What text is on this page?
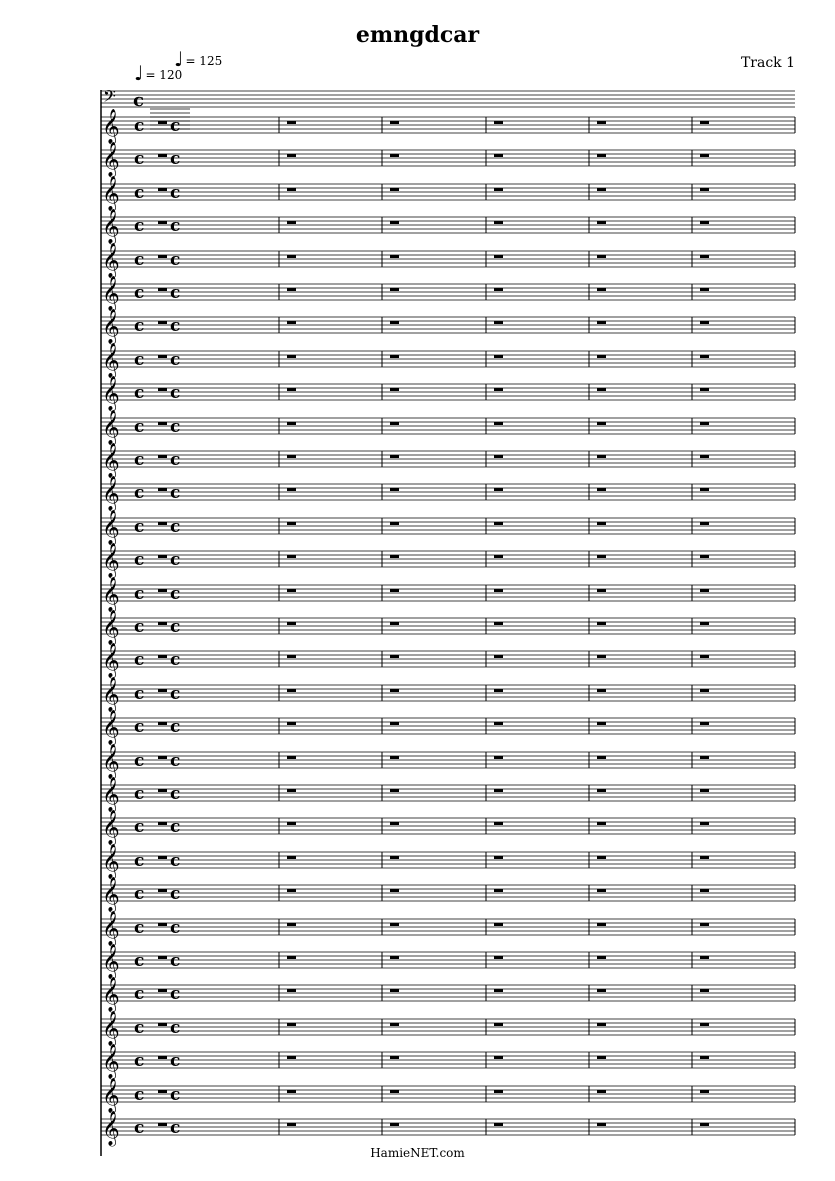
emngdcar
Track 1
♩ = 120
♩ = 125
𝄢 c
𝄞 c c
𝄞 c c
𝄞 c c
𝄞 c c
𝄞 c c
𝄞 c c
𝄞 c c
𝄞 c c
𝄞 c c
𝄞 c c
𝄞 c c
𝄞 c c
𝄞 c c
𝄞 c c
𝄞 c c
𝄞 c c
𝄞 c c
𝄞 c c
𝄞 c c
𝄞 c c
𝄞 c c
𝄞 c c
𝄞 c c
𝄞 c c
𝄞 c c
𝄞 c c
𝄞 c c
𝄞 c c
𝄞 c c
𝄞 c c
𝄞 c c
HamieNET.com
